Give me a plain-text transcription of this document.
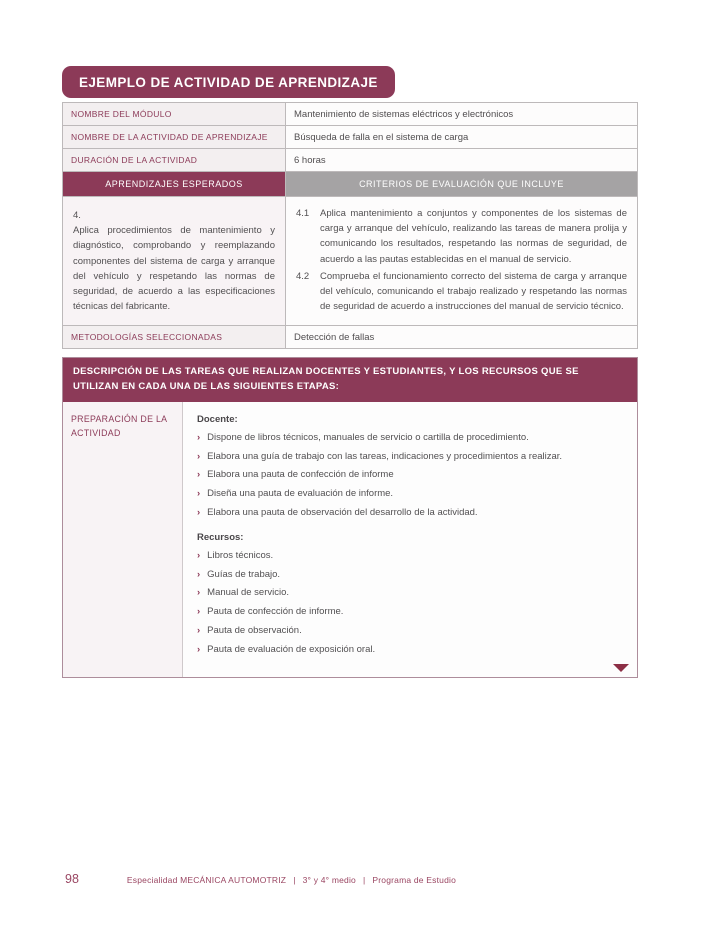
EJEMPLO DE ACTIVIDAD DE APRENDIZAJE
NOMBRE DEL MÓDULO	Mantenimiento de sistemas eléctricos y electrónicos
NOMBRE DE LA ACTIVIDAD DE APRENDIZAJE	Búsqueda de falla en el sistema de carga
DURACIÓN DE LA ACTIVIDAD	6 horas
APRENDIZAJES ESPERADOS	CRITERIOS DE EVALUACIÓN QUE INCLUYE

4.
Aplica procedimientos de mantenimiento y diagnóstico, comprobando y reemplazando componentes del sistema de carga y arranque del vehículo y respetando las normas de seguridad, de acuerdo a las especificaciones técnicas del fabricante.

4.1 Aplica mantenimiento a conjuntos y componentes de los sistemas de carga y arranque del vehículo, realizando las tareas de manera prolija y comunicando los resultados, respetando las normas de seguridad, de acuerdo a las pautas establecidas en el manual de servicio.
4.2 Comprueba el funcionamiento correcto del sistema de carga y arranque del vehículo, comunicando el trabajo realizado y respetando las normas de seguridad de acuerdo a instrucciones del manual de servicio técnico.

METODOLOGÍAS SELECCIONADAS	Detección de fallas
DESCRIPCIÓN DE LAS TAREAS QUE REALIZAN DOCENTES Y ESTUDIANTES, Y LOS RECURSOS QUE SE UTILIZAN EN CADA UNA DE LAS SIGUIENTES ETAPAS:
PREPARACIÓN DE LA ACTIVIDAD
Docente:
› Dispone de libros técnicos, manuales de servicio o cartilla de procedimiento.
› Elabora una guía de trabajo con las tareas, indicaciones y procedimientos a realizar.
› Elabora una pauta de confección de informe
› Diseña una pauta de evaluación de informe.
› Elabora una pauta de observación del desarrollo de la actividad.
Recursos:
› Libros técnicos.
› Guías de trabajo.
› Manual de servicio.
› Pauta de confección de informe.
› Pauta de observación.
› Pauta de evaluación de exposición oral.
98	Especialidad MECÁNICA AUTOMOTRIZ | 3° y 4° medio | Programa de Estudio
